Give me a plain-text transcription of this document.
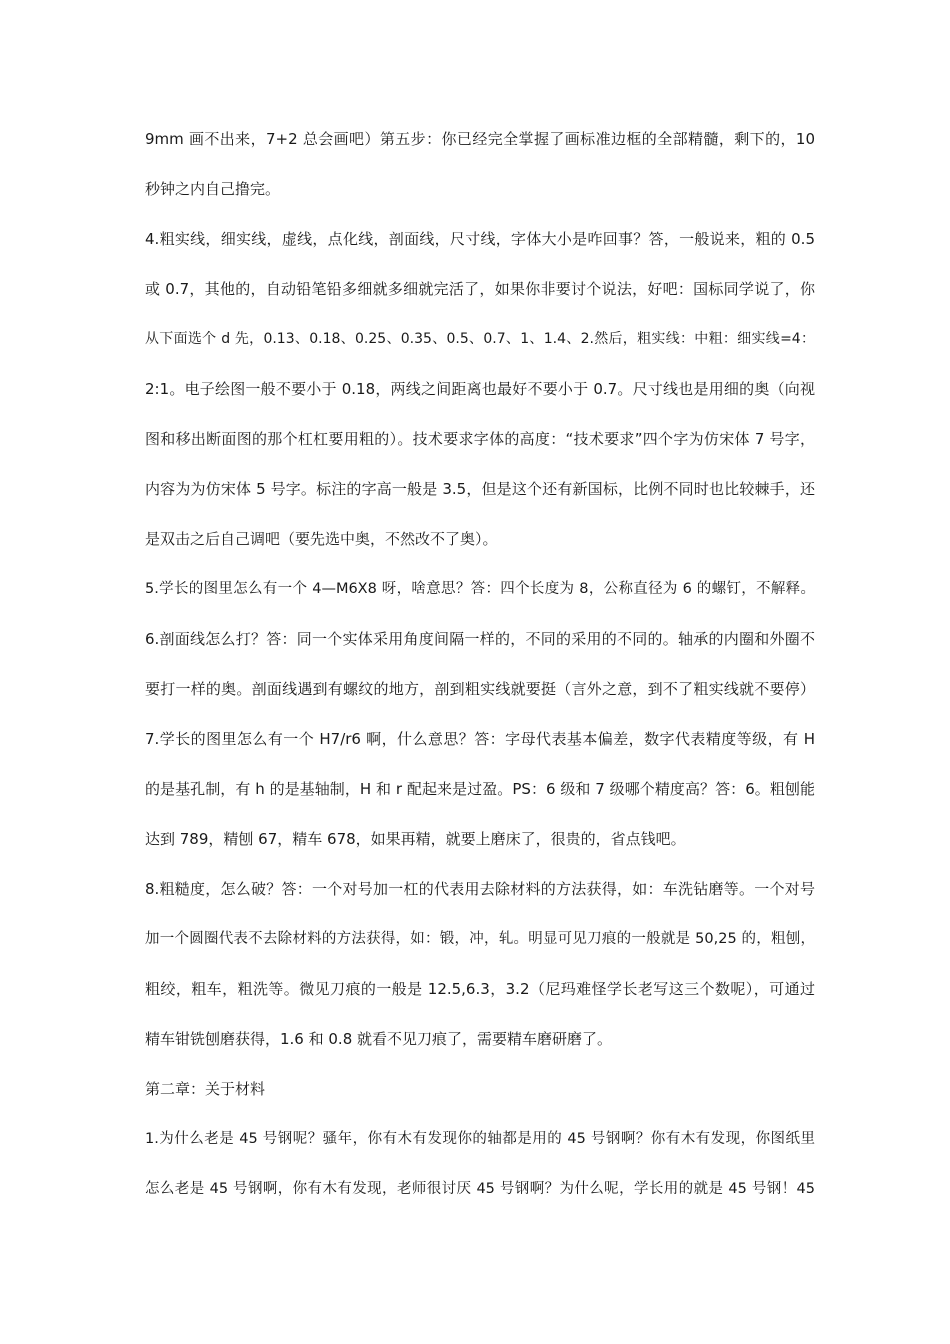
9mm 画不出来，7+2 总会画吧）第五步：你已经完全掌握了画标准边框的全部精髓，剩下的，10
秒钟之内自己撸完。
4.粗实线，细实线，虚线，点化线，剖面线，尺寸线，字体大小是咋回事？答，一般说来，粗的 0.5
或 0.7，其他的，自动铅笔铅多细就多细就完活了，如果你非要讨个说法，好吧：国标同学说了，你
从下面选个 d 先，0.13、0.18、0.25、0.35、0.5、0.7、1、1.4、2.然后，粗实线：中粗：细实线=4：
2:1。电子绘图一般不要小于 0.18，两线之间距离也最好不要小于 0.7。尺寸线也是用细的奥（向视
图和移出断面图的那个杠杠要用粗的）。技术要求字体的高度：“技术要求”四个字为仿宋体 7 号字，
内容为为仿宋体 5 号字。标注的字高一般是 3.5，但是这个还有新国标，比例不同时也比较棘手，还
是双击之后自己调吧（要先选中奥，不然改不了奥）。
5.学长的图里怎么有一个 4—M6X8 呀，啥意思？答：四个长度为 8，公称直径为 6 的螺钉，不解释。
6.剖面线怎么打？答：同一个实体采用角度间隔一样的，不同的采用的不同的。轴承的内圈和外圈不
要打一样的奥。剖面线遇到有螺纹的地方，剖到粗实线就要挺（言外之意，到不了粗实线就不要停）
7.学长的图里怎么有一个 H7/r6 啊，什么意思？答：字母代表基本偏差，数字代表精度等级，有 H
的是基孔制，有 h 的是基轴制，H 和 r 配起来是过盈。PS：6 级和 7 级哪个精度高？答：6。粗刨能
达到 789，精刨 67，精车 678，如果再精，就要上磨床了，很贵的，省点钱吧。
8.粗糙度，怎么破？答：一个对号加一杠的代表用去除材料的方法获得，如：车洗钻磨等。一个对号
加一个圆圈代表不去除材料的方法获得，如：锻，冲，轧。明显可见刀痕的一般就是 50,25 的，粗刨，
粗绞，粗车，粗洗等。微见刀痕的一般是 12.5,6.3，3.2（尼玛难怪学长老写这三个数呢），可通过
精车钳铣刨磨获得，1.6 和 0.8 就看不见刀痕了，需要精车磨研磨了。
第二章：关于材料
1.为什么老是 45 号钢呢？骚年，你有木有发现你的轴都是用的 45 号钢啊？你有木有发现，你图纸里
怎么老是 45 号钢啊，你有木有发现，老师很讨厌 45 号钢啊？为什么呢，学长用的就是 45 号钢！45
